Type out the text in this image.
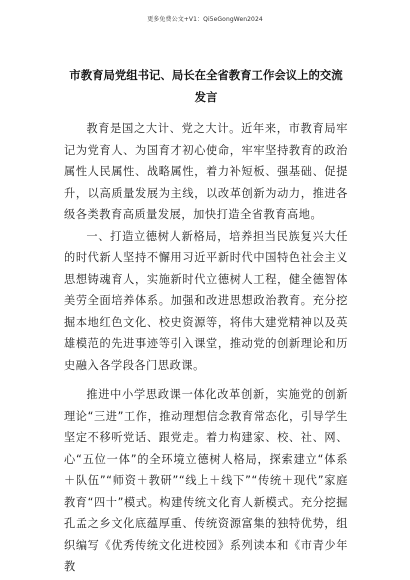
更多免费公文+V1：Qi5eGongWen2024
市教育局党组书记、局长在全省教育工作会议上的交流发言

教育是国之大计、党之大计。近年来，市教育局牢记为党育人、为国育才初心使命，牢牢坚持教育的政治属性人民属性、战略属性，着力补短板、强基础、促提升，以高质量发展为主线，以改革创新为动力，推进各级各类教育高质量发展，加快打造全省教育高地。

一、打造立德树人新格局，培养担当民族复兴大任的时代新人坚持不懈用习近平新时代中国特色社会主义思想铸魂育人，实施新时代立德树人工程，健全德智体美劳全面培养体系。加强和改进思想政治教育。充分挖掘本地红色文化、校史资源等，将伟大建党精神以及英雄模范的先进事迹等引入课堂，推动党的创新理论和历史融入各学段各门思政课。

推进中小学思政课一体化改革创新，实施党的创新理论“三进”工作，推动理想信念教育常态化，引导学生坚定不移听党话、跟党走。着力构建家、校、社、网、心“五位一体”的全环境立德树人格局，探索建立“体系＋队伍”“师资＋教研”“线上＋线下”“传统＋现代”家庭教育“四十”模式。构建传统文化育人新模式。充分挖掘孔孟之乡文化底蕴厚重、传统资源富集的独特优势，组织编写《优秀传统文化进校园》系列读本和《市青少年教
